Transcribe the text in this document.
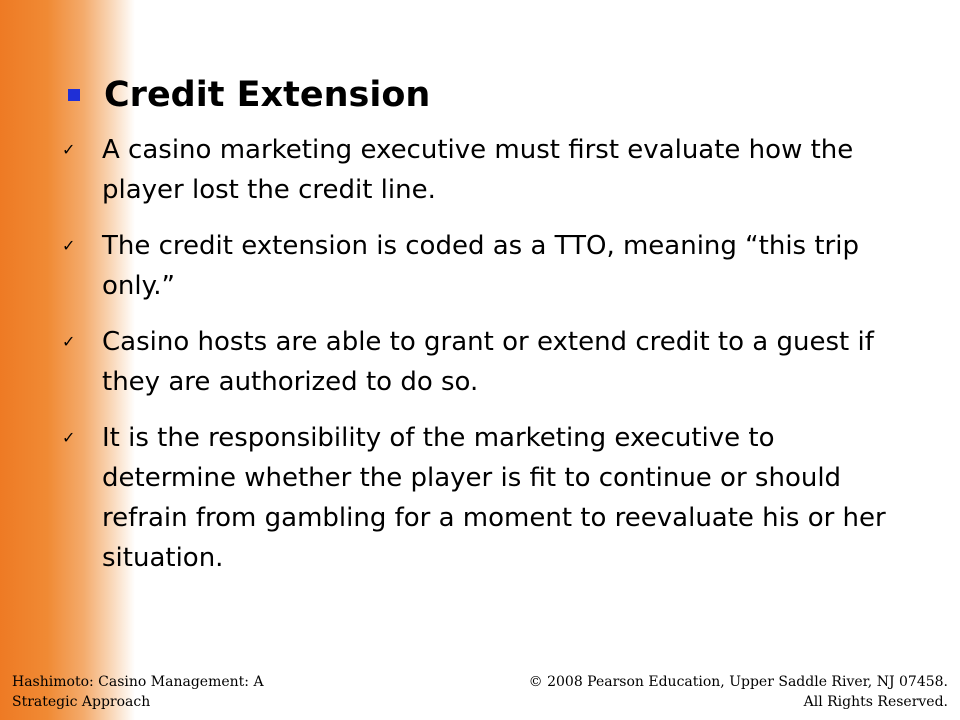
Credit Extension
✓	A casino marketing executive must first evaluate how the player lost the credit line.
✓	The credit extension is coded as a TTO, meaning “this trip only.”
✓	Casino hosts are able to grant or extend credit to a guest if they are authorized to do so.
✓	It is the responsibility of the marketing executive to determine whether the player is fit to continue or should refrain from gambling for a moment to reevaluate his or her situation.
Hashimoto: Casino Management: A
Strategic Approach
© 2008 Pearson Education, Upper Saddle River, NJ 07458.
All Rights Reserved.
